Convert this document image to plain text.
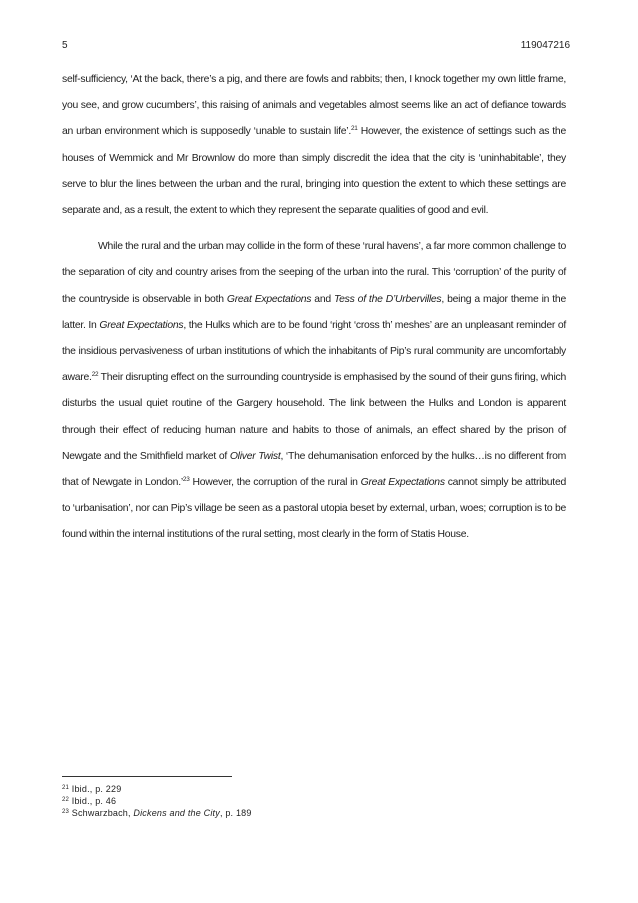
5	119047216

self-sufficiency, ‘At the back, there’s a pig, and there are fowls and rabbits; then, I knock together my own little frame, you see, and grow cucumbers’, this raising of animals and vegetables almost seems like an act of defiance towards an urban environment which is supposedly ‘unable to sustain life’.$^{21}$ However, the existence of settings such as the houses of Wemmick and Mr Brownlow do more than simply discredit the idea that the city is ‘uninhabitable’, they serve to blur the lines between the urban and the rural, bringing into question the extent to which these settings are separate and, as a result, the extent to which they represent the separate qualities of good and evil.

While the rural and the urban may collide in the form of these ‘rural havens’, a far more common challenge to the separation of city and country arises from the seeping of the urban into the rural. This ‘corruption’ of the purity of the countryside is observable in both Great Expectations and Tess of the D’Urbervilles, being a major theme in the latter. In Great Expectations, the Hulks which are to be found ‘right ‘cross th’ meshes’ are an unpleasant reminder of the insidious pervasiveness of urban institutions of which the inhabitants of Pip’s rural community are uncomfortably aware.$^{22}$ Their disrupting effect on the surrounding countryside is emphasised by the sound of their guns firing, which disturbs the usual quiet routine of the Gargery household. The link between the Hulks and London is apparent through their effect of reducing human nature and habits to those of animals, an effect shared by the prison of Newgate and the Smithfield market of Oliver Twist, ‘The dehumanisation enforced by the hulks…is no different from that of Newgate in London.’$^{23}$ However, the corruption of the rural in Great Expectations cannot simply be attributed to ‘urbanisation’, nor can Pip’s village be seen as a pastoral utopia beset by external, urban, woes; corruption is to be found within the internal institutions of the rural setting, most clearly in the form of Statis House.

$^{21}$ Ibid., p. 229
$^{22}$ Ibid., p. 46
$^{23}$ Schwarzbach, Dickens and the City, p. 189
